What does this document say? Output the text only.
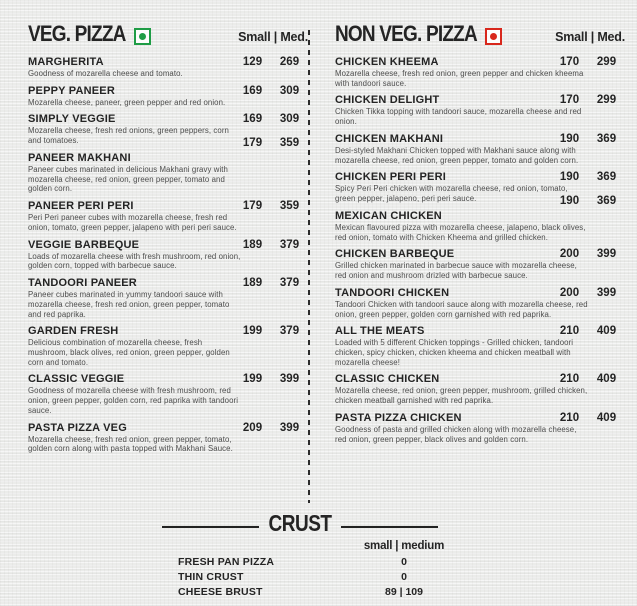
VEG. PIZZA	Small | Med.
MARGHERITA	129	269

Goodness of mozarella cheese and tomato.

PEPPY PANEER	169	309

Mozarella cheese, paneer, green pepper and red onion.

SIMPLY VEGGIE	169	309

Mozarella cheese, fresh red onions, green peppers, corn and tomatoes.

PANEER MAKHANI
179	359

Paneer cubes marinated in delicious Makhani gravy with mozarella cheese, red onion, green pepper, tomato and golden corn.

PANEER PERI PERI	179	359

Peri Peri paneer cubes with mozarella cheese, fresh red onion, tomato, green pepper, jalapeno with peri peri sauce.

VEGGIE BARBEQUE	189	379

Loads of mozarella cheese with fresh mushroom, red onion, golden corn, topped with barbecue sauce.

TANDOORI PANEER	189	379

Paneer cubes marinated in yummy tandoori sauce with mozarella cheese, fresh red onion, green pepper, tomato and red paprika.

GARDEN FRESH	199	379

Delicious combination of mozarella cheese, fresh mushroom, black olives, red onion, green pepper, golden corn and tomato.

CLASSIC VEGGIE	199	399

Goodness of mozarella cheese with fresh mushroom, red onion, green pepper, golden corn, red paprika with tandoori sauce.

PASTA PIZZA VEG	209	399

Mozarella cheese, fresh red onion, green pepper, tomato, golden corn along with pasta topped with Makhani Sauce.

NON VEG. PIZZA	Small | Med.
CHICKEN KHEEMA	170	299

Mozarella cheese, fresh red onion, green pepper and chicken kheema with tandoori sauce.

CHICKEN DELIGHT	170	299

Chicken Tikka topping with tandoori sauce, mozarella cheese and red onion.

CHICKEN MAKHANI	190	369

Desi-styled Makhani Chicken topped with Makhani sauce along with mozarella cheese, red onion, green pepper, tomato and golden corn.

CHICKEN PERI PERI	190	369

Spicy Peri Peri chicken with mozarella cheese, red onion, tomato, green pepper, jalapeno, peri peri sauce.

MEXICAN CHICKEN
190	369

Mexican flavoured pizza with mozarella cheese, jalapeno, black olives, red onion, tomato with Chicken Kheema and grilled chicken.

CHICKEN BARBEQUE	200	399

Grilled chicken marinated in barbecue sauce with mozarella cheese, red onion and mushroom drizled with barbecue sauce.

TANDOORI CHICKEN	200	399

Tandoori Chicken with tandoori sauce along with mozarella cheese, red onion, green pepper, golden corn garnished with red paprika.

ALL THE MEATS	210	409

Loaded with 5 different Chicken toppings - Grilled chicken, tandoori chicken, spicy chicken, chicken kheema and chicken meatball with mozarella cheese!

CLASSIC CHICKEN	210	409

Mozarella cheese, red onion, green pepper, mushroom, grilled chicken, chicken meatball garnished with red paprika.

PASTA PIZZA CHICKEN	210	409

Goodness of pasta and grilled chicken along with mozarella cheese, red onion, green pepper, black olives and golden corn.

CRUST
small | medium
FRESH PAN PIZZA	0
THIN CRUST	0
CHEESE BRUST	89 | 109
